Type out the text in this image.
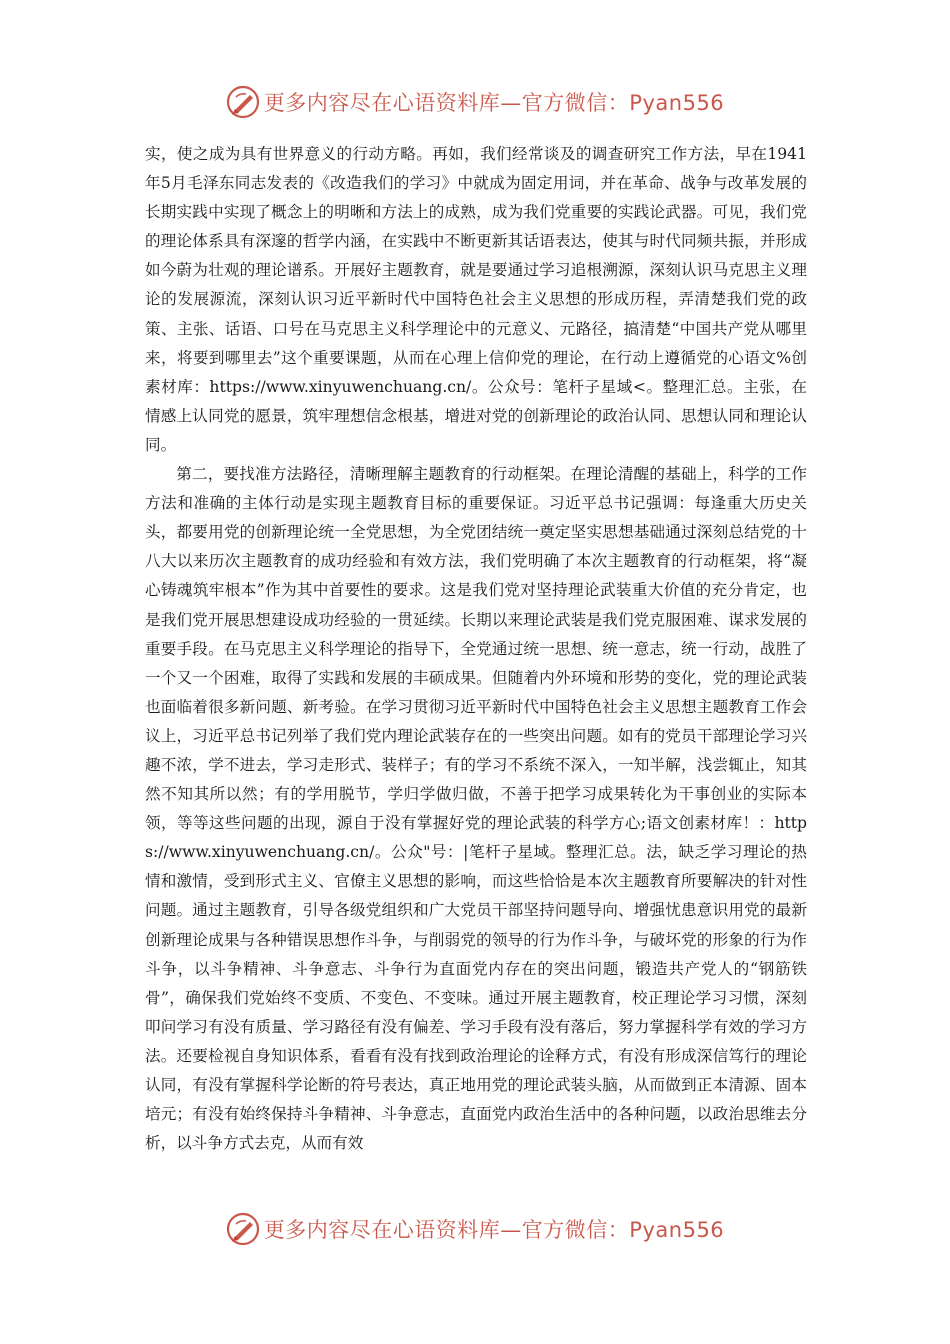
更多内容尽在心语资料库—官方微信：Pyan556

实，使之成为具有世界意义的行动方略。再如，我们经常谈及的调查研究工作方法，早在1941年5月毛泽东同志发表的《改造我们的学习》中就成为固定用词，并在革命、战争与改革发展的长期实践中实现了概念上的明晰和方法上的成熟，成为我们党重要的实践论武器。可见，我们党的理论体系具有深邃的哲学内涵，在实践中不断更新其话语表达，使其与时代同频共振，并形成如今蔚为壮观的理论谱系。开展好主题教育，就是要通过学习追根溯源，深刻认识马克思主义理论的发展源流，深刻认识习近平新时代中国特色社会主义思想的形成历程，弄清楚我们党的政策、主张、话语、口号在马克思主义科学理论中的元意义、元路径，搞清楚“中国共产党从哪里来，将要到哪里去”这个重要课题，从而在心理上信仰党的理论，在行动上遵循党的心语文%创素材库：https://www.xinyuwenchuang.cn/。公众号：笔杆子星域<。整理汇总。主张，在情感上认同党的愿景，筑牢理想信念根基，增进对党的创新理论的政治认同、思想认同和理论认同。

第二，要找准方法路径，清晰理解主题教育的行动框架。在理论清醒的基础上，科学的工作方法和准确的主体行动是实现主题教育目标的重要保证。习近平总书记强调：每逢重大历史关头，都要用党的创新理论统一全党思想，为全党团结统一奠定坚实思想基础通过深刻总结党的十八大以来历次主题教育的成功经验和有效方法，我们党明确了本次主题教育的行动框架，将“凝心铸魂筑牢根本”作为其中首要性的要求。这是我们党对坚持理论武装重大价值的充分肯定，也是我们党开展思想建设成功经验的一贯延续。长期以来理论武装是我们党克服困难、谋求发展的重要手段。在马克思主义科学理论的指导下，全党通过统一思想、统一意志，统一行动，战胜了一个又一个困难，取得了实践和发展的丰硕成果。但随着内外环境和形势的变化，党的理论武装也面临着很多新问题、新考验。在学习贯彻习近平新时代中国特色社会主义思想主题教育工作会议上，习近平总书记列举了我们党内理论武装存在的一些突出问题。如有的党员干部理论学习兴趣不浓，学不进去，学习走形式、装样子；有的学习不系统不深入，一知半解，浅尝辄止，知其然不知其所以然；有的学用脱节，学归学做归做，不善于把学习成果转化为干事创业的实际本领，等等这些问题的出现，源自于没有掌握好党的理论武装的科学方心;语文创素材库！：https://www.xinyuwenchuang.cn/。公众"号：|笔杆子星域。整理汇总。法，缺乏学习理论的热情和激情，受到形式主义、官僚主义思想的影响，而这些恰恰是本次主题教育所要解决的针对性问题。通过主题教育，引导各级党组织和广大党员干部坚持问题导向、增强忧患意识用党的最新创新理论成果与各种错误思想作斗争，与削弱党的领导的行为作斗争，与破坏党的形象的行为作斗争，以斗争精神、斗争意志、斗争行为直面党内存在的突出问题，锻造共产党人的“钢筋铁骨”，确保我们党始终不变质、不变色、不变味。通过开展主题教育，校正理论学习习惯，深刻叩问学习有没有质量、学习路径有没有偏差、学习手段有没有落后，努力掌握科学有效的学习方法。还要检视自身知识体系，看看有没有找到政治理论的诠释方式，有没有形成深信笃行的理论认同，有没有掌握科学论断的符号表达，真正地用党的理论武装头脑，从而做到正本清源、固本培元；有没有始终保持斗争精神、斗争意志，直面党内政治生活中的各种问题，以政治思维去分析，以斗争方式去克，从而有效

更多内容尽在心语资料库—官方微信：Pyan556
